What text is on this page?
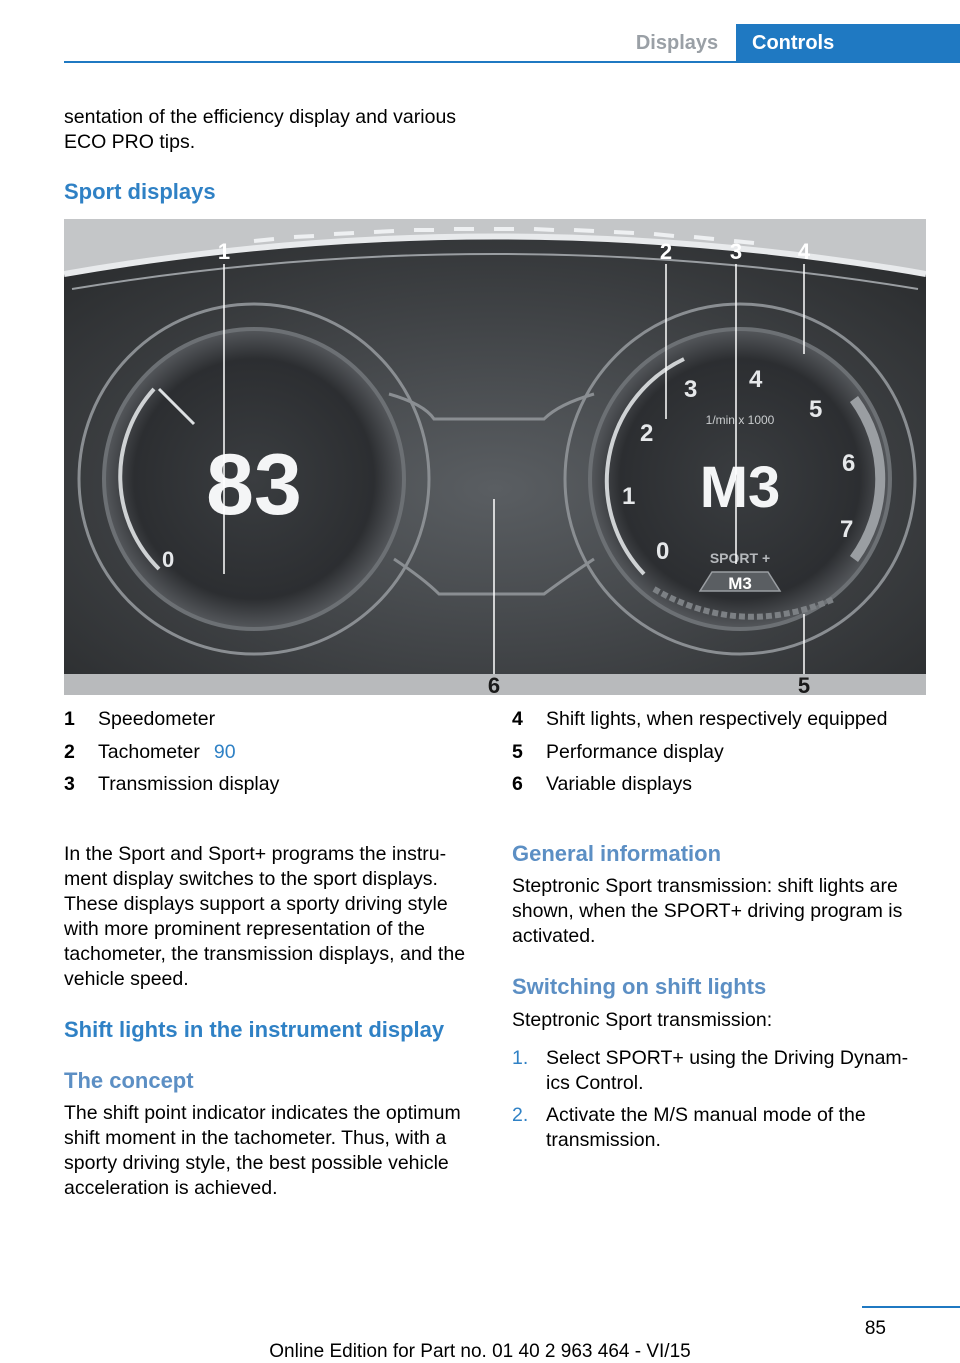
Displays	Controls
sentation of the efficiency display and various ECO PRO tips.
Sport displays
0
83
0
1
2
3 4
5
6
7
1/min x 1000
M3
SPORT +
M3
1	2	3	4
5
6
1	Speedometer
2	Tachometer 90
3	Transmission display
4	Shift lights, when respectively equipped
5	Performance display
6	Variable displays
In the Sport and Sport+ programs the instru-ment display switches to the sport displays. These displays support a sporty driving style with more prominent representation of the tachometer, the transmission displays, and the vehicle speed.
Shift lights in the instrument display
The concept
The shift point indicator indicates the optimum shift moment in the tachometer. Thus, with a sporty driving style, the best possible vehicle acceleration is achieved.
General information
Steptronic Sport transmission: shift lights are shown, when the SPORT+ driving program is activated.
Switching on shift lights
Steptronic Sport transmission:
1. Select SPORT+ using the Driving Dynam-ics Control.
2. Activate the M/S manual mode of the transmission.
85
Online Edition for Part no. 01 40 2 963 464 - VI/15
